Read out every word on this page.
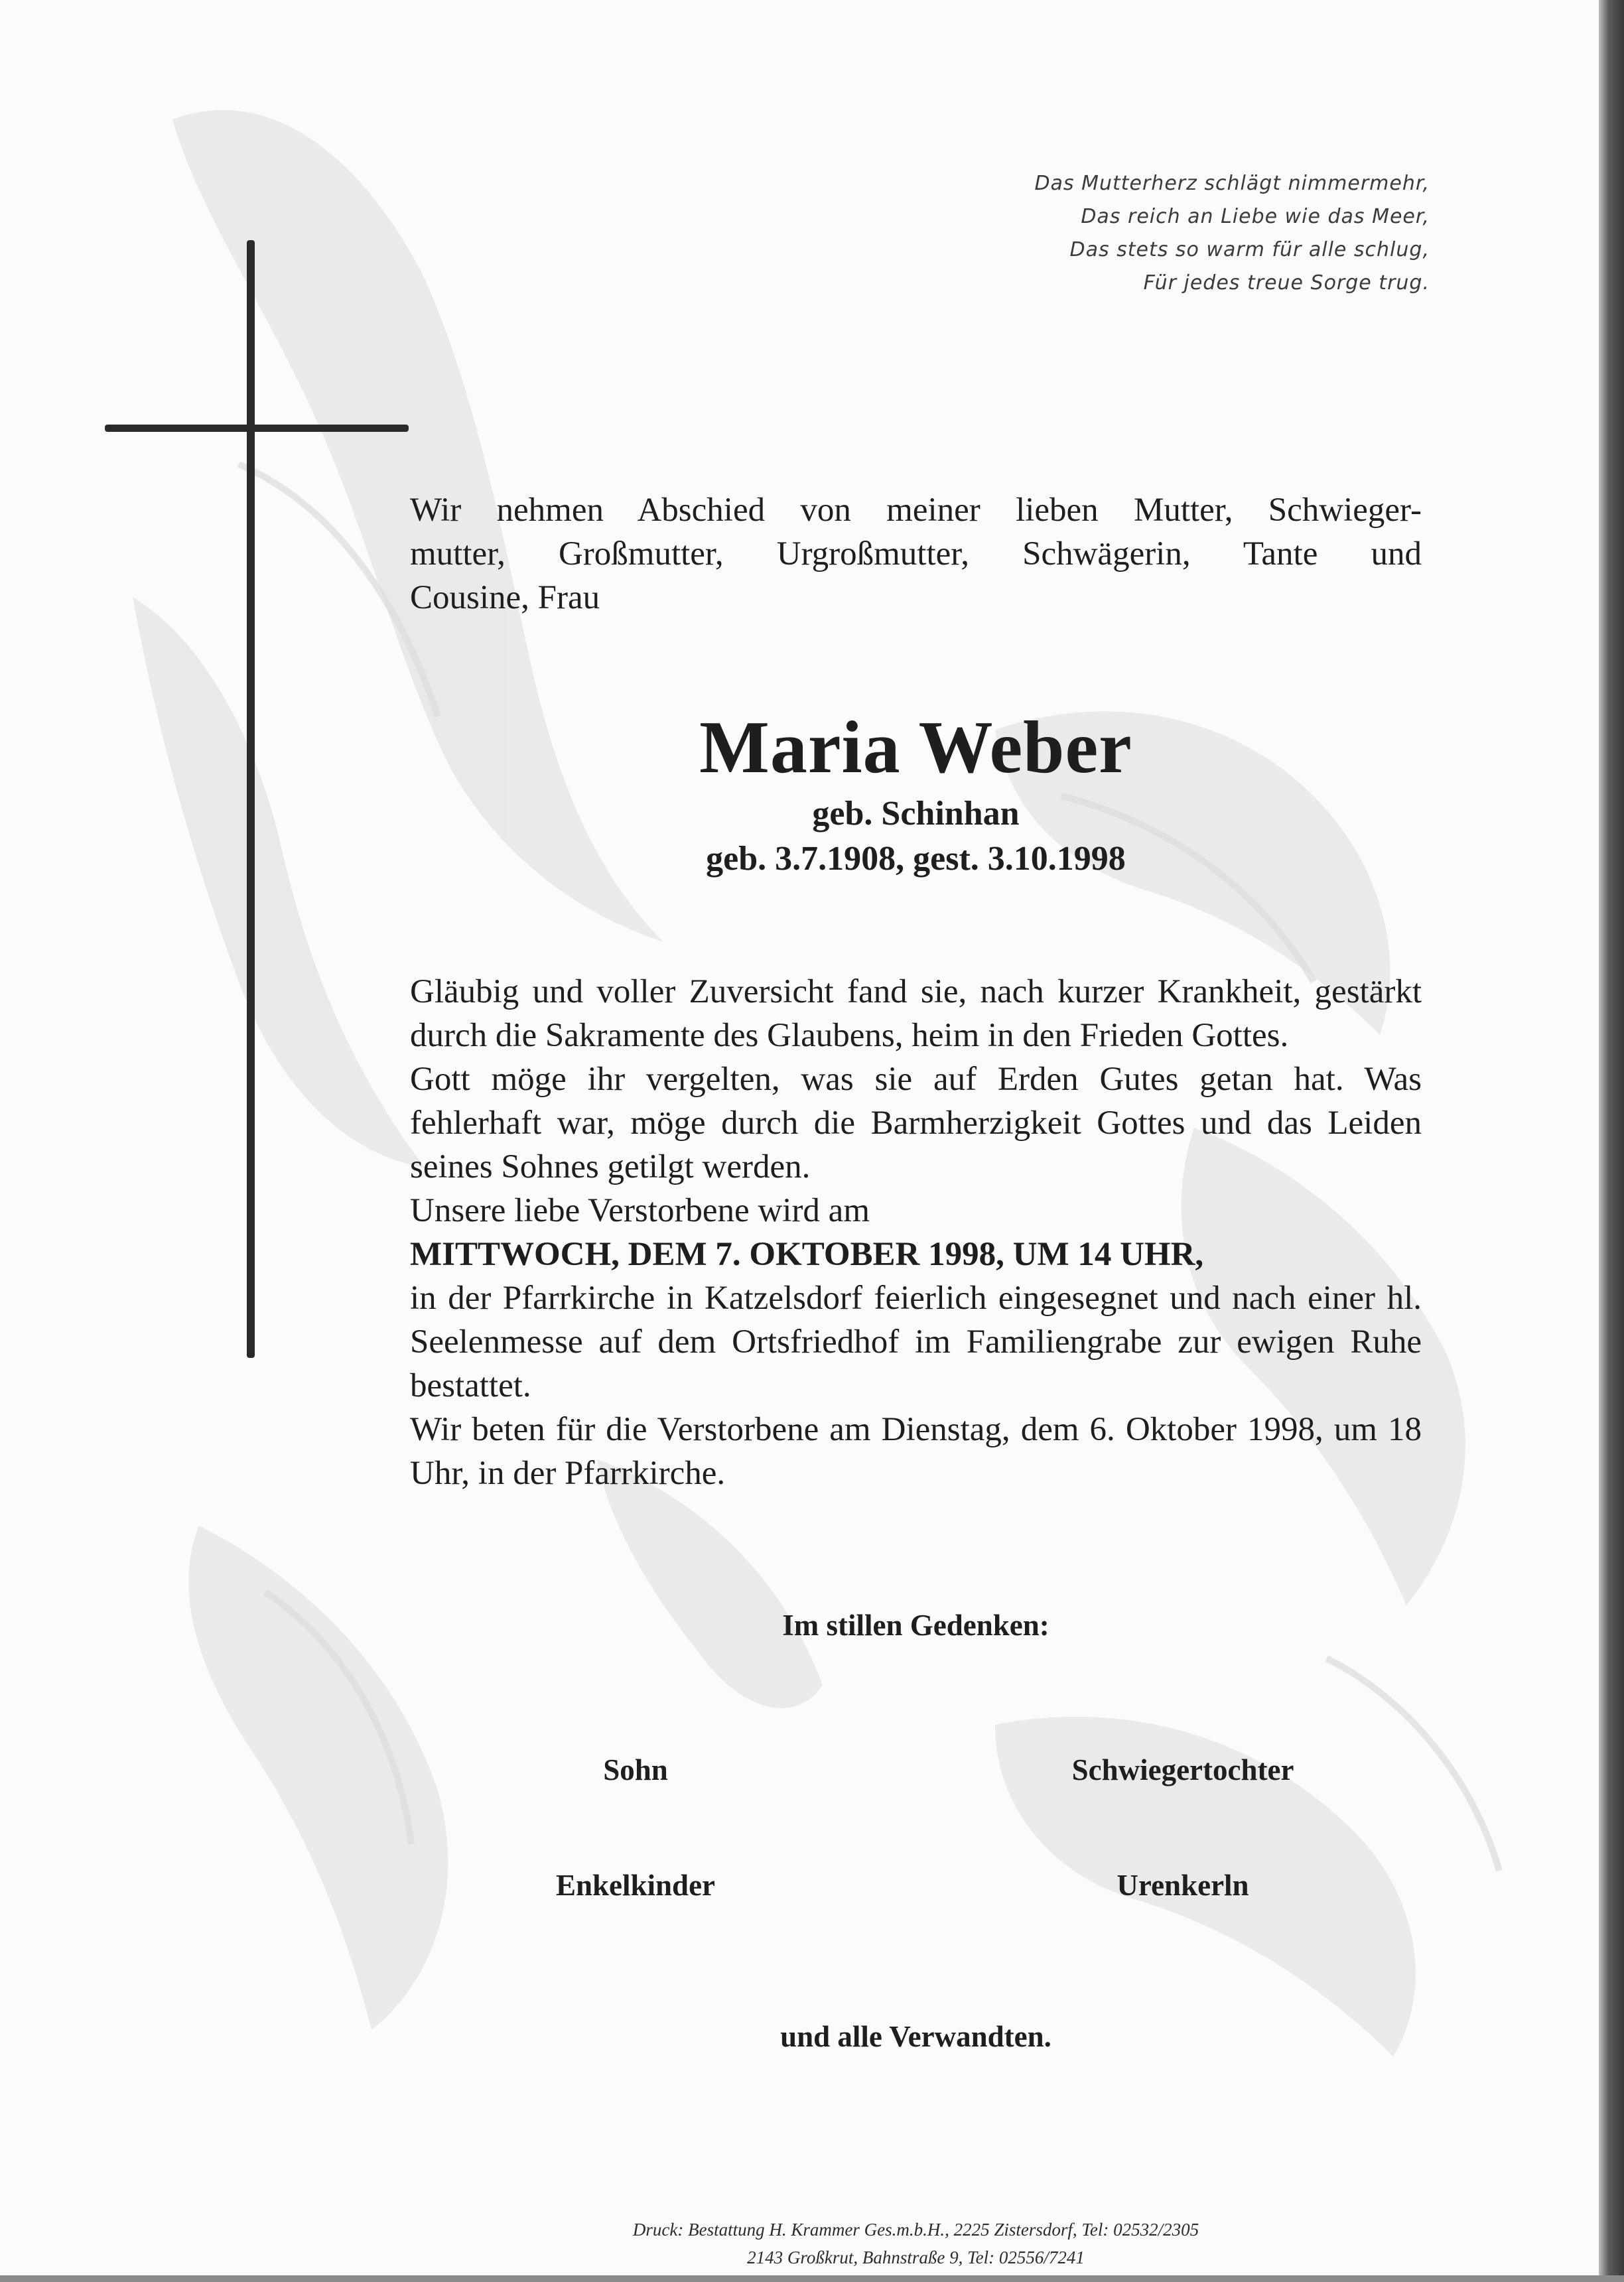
Das Mutterherz schlägt nimmermehr,
Das reich an Liebe wie das Meer,
Das stets so warm für alle schlug,
Für jedes treue Sorge trug.
Wir nehmen Abschied von meiner lieben Mutter, Schwieger-
mutter, Großmutter, Urgroßmutter, Schwägerin, Tante und
Cousine, Frau
Maria Weber
geb. Schinhan
geb. 3.7.1908, gest. 3.10.1998

Gläubig und voller Zuversicht fand sie, nach kurzer Krankheit, gestärkt durch die Sakramente des Glaubens, heim in den Frieden Gottes.

Gott möge ihr vergelten, was sie auf Erden Gutes getan hat. Was fehlerhaft war, möge durch die Barmherzigkeit Gottes und das Leiden seines Sohnes getilgt werden.

Unsere liebe Verstorbene wird am

MITTWOCH, DEM 7. OKTOBER 1998, UM 14 UHR,

in der Pfarrkirche in Katzelsdorf feierlich eingesegnet und nach einer hl. Seelenmesse auf dem Ortsfriedhof im Familiengrabe zur ewigen Ruhe bestattet.

Wir beten für die Verstorbene am Dienstag, dem 6. Oktober 1998, um 18 Uhr, in der Pfarrkirche.

Im stillen Gedenken:
Sohn	Schwiegertochter
Enkelkinder	Urenkerln
und alle Verwandten.
Druck: Bestattung H. Krammer Ges.m.b.H., 2225 Zistersdorf, Tel: 02532/2305
2143 Großkrut, Bahnstraße 9, Tel: 02556/7241
